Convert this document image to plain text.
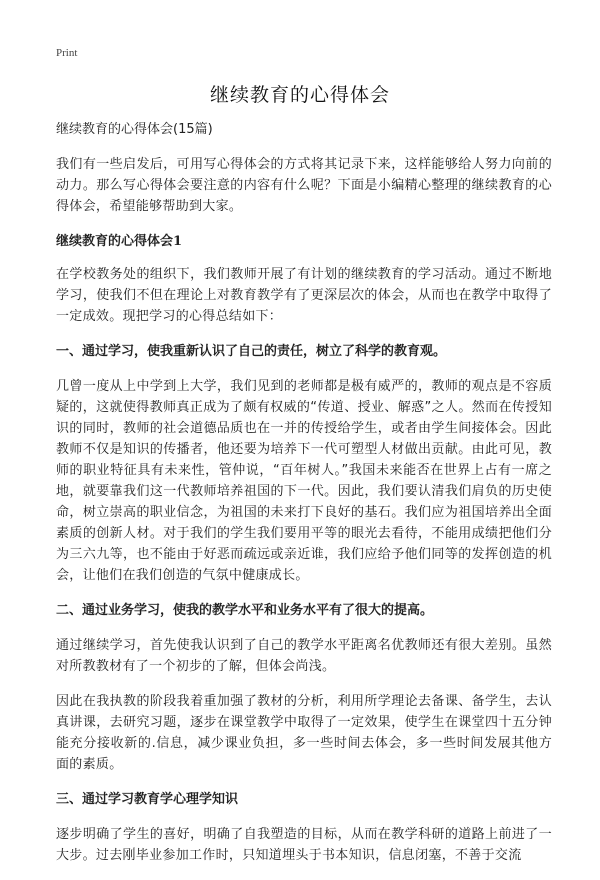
Print
继续教育的心得体会

继续教育的心得体会(15篇)

我们有一些启发后，可用写心得体会的方式将其记录下来，这样能够给人努力向前的动力。那么写心得体会要注意的内容有什么呢？下面是小编精心整理的继续教育的心得体会，希望能够帮助到大家。

继续教育的心得体会1

在学校教务处的组织下，我们教师开展了有计划的继续教育的学习活动。通过不断地学习，使我们不但在理论上对教育教学有了更深层次的体会，从而也在教学中取得了一定成效。现把学习的心得总结如下：

一、通过学习，使我重新认识了自己的责任，树立了科学的教育观。

几曾一度从上中学到上大学，我们见到的老师都是极有威严的，教师的观点是不容质疑的，这就使得教师真正成为了颇有权威的“传道、授业、解惑”之人。然而在传授知识的同时，教师的社会道德品质也在一并的传授给学生，或者由学生间接体会。因此教师不仅是知识的传播者，他还要为培养下一代可塑型人材做出贡献。由此可见，教师的职业特征具有未来性，管仲说，“百年树人。”我国未来能否在世界上占有一席之地，就要靠我们这一代教师培养祖国的下一代。因此，我们要认清我们肩负的历史使命，树立崇高的职业信念，为祖国的未来打下良好的基石。我们应为祖国培养出全面素质的创新人材。对于我们的学生我们要用平等的眼光去看待，不能用成绩把他们分为三六九等，也不能由于好恶而疏远或亲近谁，我们应给予他们同等的发挥创造的机会，让他们在我们创造的气氛中健康成长。

二、通过业务学习，使我的教学水平和业务水平有了很大的提高。

通过继续学习，首先使我认识到了自己的教学水平距离名优教师还有很大差别。虽然对所教教材有了一个初步的了解，但体会尚浅。

因此在我执教的阶段我着重加强了教材的分析，利用所学理论去备课、备学生，去认真讲课，去研究习题，逐步在课堂教学中取得了一定效果，使学生在课堂四十五分钟能充分接收新的.信息，减少课业负担，多一些时间去体会，多一些时间发展其他方面的素质。

三、通过学习教育学心理学知识

逐步明确了学生的喜好，明确了自我塑造的目标，从而在教学科研的道路上前进了一大步。过去刚毕业参加工作时，只知道埋头于书本知识，信息闭塞，不善于交流
